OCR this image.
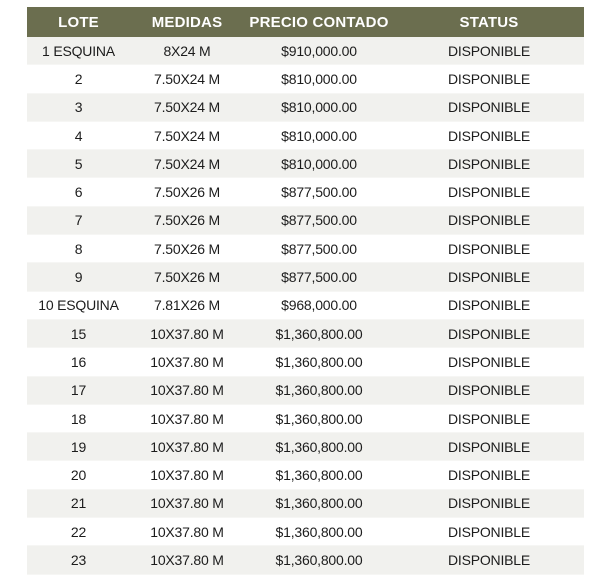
LOTE	MEDIDAS	PRECIO CONTADO	STATUS
1 ESQUINA	8X24 M	$910,000.00	DISPONIBLE
2	7.50X24 M	$810,000.00	DISPONIBLE
3	7.50X24 M	$810,000.00	DISPONIBLE
4	7.50X24 M	$810,000.00	DISPONIBLE
5	7.50X24 M	$810,000.00	DISPONIBLE
6	7.50X26 M	$877,500.00	DISPONIBLE
7	7.50X26 M	$877,500.00	DISPONIBLE
8	7.50X26 M	$877,500.00	DISPONIBLE
9	7.50X26 M	$877,500.00	DISPONIBLE
10 ESQUINA	7.81X26 M	$968,000.00	DISPONIBLE
15	10X37.80 M	$1,360,800.00	DISPONIBLE
16	10X37.80 M	$1,360,800.00	DISPONIBLE
17	10X37.80 M	$1,360,800.00	DISPONIBLE
18	10X37.80 M	$1,360,800.00	DISPONIBLE
19	10X37.80 M	$1,360,800.00	DISPONIBLE
20	10X37.80 M	$1,360,800.00	DISPONIBLE
21	10X37.80 M	$1,360,800.00	DISPONIBLE
22	10X37.80 M	$1,360,800.00	DISPONIBLE
23	10X37.80 M	$1,360,800.00	DISPONIBLE
